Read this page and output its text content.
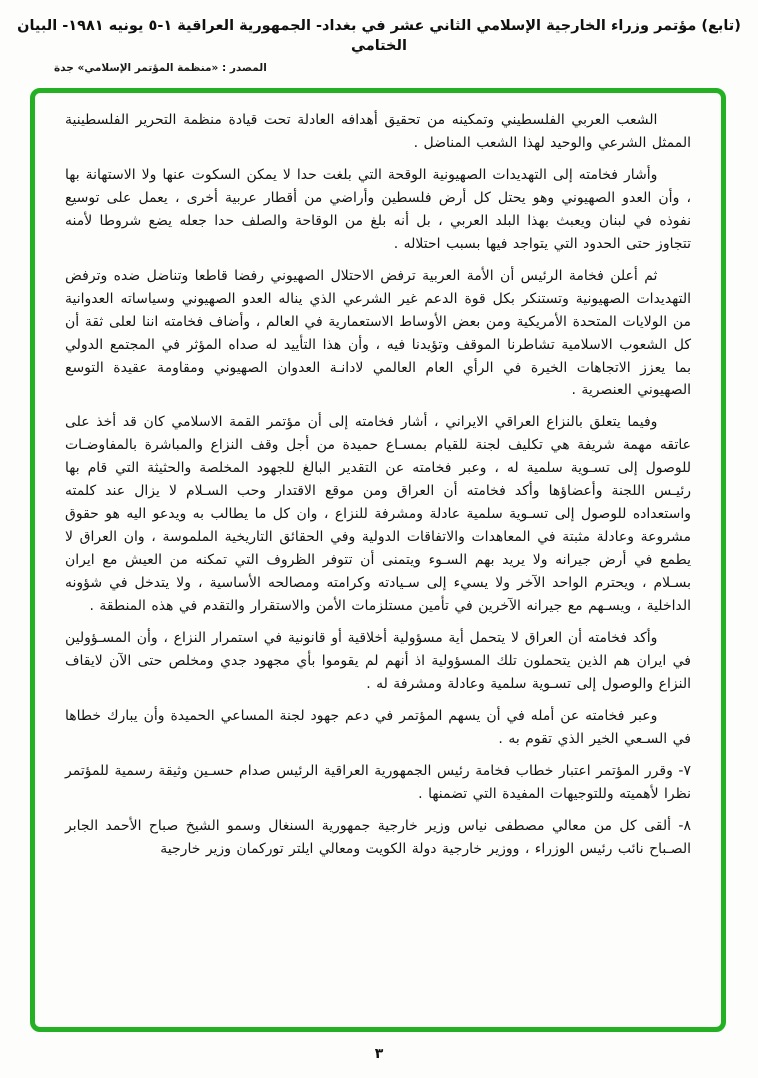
(تابع) مؤتمر وزراء الخارجية الإسلامي الثاني عشر في بغداد- الجمهورية العراقية ١-٥ يونيه ١٩٨١- البيان الختامي
المصدر : «منظمة المؤتمر الإسلامي» جدة

الشعب العربي الفلسطيني وتمكينه من تحقيق أهدافه العادلة تحت قيادة منظمة التحرير الفلسطينية الممثل الشرعي والوحيد لهذا الشعب المناضل .

وأشار فخامته إلى التهديدات الصهيونية الوقحة التي بلغت حدا لا يمكن السكوت عنها ولا الاستهانة بها ، وأن العدو الصهيوني وهو يحتل كل أرض فلسطين وأراضي من أقطار عربية أخرى ، يعمل على توسيع نفوذه في لبنان ويعبث بهذا البلد العربي ، بل أنه بلغ من الوقاحة والصلف حدا جعله يضع شروطا لأمنه تتجاوز حتى الحدود التي يتواجد فيها بسبب احتلاله .

ثم أعلن فخامة الرئيس أن الأمة العربية ترفض الاحتلال الصهيوني رفضا قاطعا وتناضل ضده وترفض التهديدات الصهيونية وتستنكر بكل قوة الدعم غير الشرعي الذي يناله العدو الصهيوني وسياساته العدوانية من الولايات المتحدة الأمريكية ومن بعض الأوساط الاستعمارية في العالم ، وأضاف فخامته اننا لعلى ثقة أن كل الشعوب الاسلامية تشاطرنا الموقف وتؤيدنا فيه ، وأن هذا التأييد له صداه المؤثر في المجتمع الدولي بما يعزز الاتجاهات الخيرة في الرأي العام العالمي لادانـة العدوان الصهيوني ومقاومة عقيدة التوسع الصهيوني العنصرية .

وفيما يتعلق بالنزاع العراقي الايراني ، أشار فخامته إلى أن مؤتمر القمة الاسلامي كان قد أخذ على عاتقه مهمة شريفة هي تكليف لجنة للقيام بمسـاع حميدة من أجل وقف النزاع والمباشرة بالمفاوضـات للوصول إلى تسـوية سلمية له ، وعبر فخامته عن التقدير البالغ للجهود المخلصة والحثيثة التي قام بها رئيـس اللجنة وأعضاؤها وأكد فخامته أن العراق ومن موقع الاقتدار وحب السـلام لا يزال عند كلمته واستعداده للوصول إلى تسـوية سلمية عادلة ومشرفة للنزاع ، وان كل ما يطالب به ويدعو اليه هو حقوق مشروعة وعادلة مثبتة في المعاهدات والاتفاقات الدولية وفي الحقائق التاريخية الملموسة ، وان العراق لا يطمع في أرض جيرانه ولا يريد بهم السـوء ويتمنى أن تتوفر الظروف التي تمكنه من العيش مع ايران بسـلام ، ويحترم الواحد الآخر ولا يسيء إلى سـيادته وكرامته ومصالحه الأساسية ، ولا يتدخل في شؤونه الداخلية ، ويسـهم مع جيرانه الآخرين في تأمين مستلزمات الأمن والاستقرار والتقدم في هذه المنطقة .

وأكد فخامته أن العراق لا يتحمل أية مسؤولية أخلاقية أو قانونية في استمرار النزاع ، وأن المسـؤولين في ايران هم الذين يتحملون تلك المسؤولية اذ أنهم لم يقوموا بأي مجهود جدي ومخلص حتى الآن لايقاف النزاع والوصول إلى تسـوية سلمية وعادلة ومشرفة له .

وعبر فخامته عن أمله في أن يسهم المؤتمر في دعم جهود لجنة المساعي الحميدة وأن يبارك خطاها في السـعي الخير الذي تقوم به .

٧- وقرر المؤتمر اعتبار خطاب فخامة رئيس الجمهورية العراقية الرئيس صدام حسـين وثيقة رسمية للمؤتمر نظرا لأهميته وللتوجيهات المفيدة التي تضمنها .

٨- ألقى كل من معالي مصطفى نياس وزير خارجية جمهورية السنغال وسمو الشيخ صباح الأحمد الجابر الصـباح نائب رئيس الوزراء ، ووزير خارجية دولة الكويت ومعالي ايلتر توركمان وزير خارجية

٣
